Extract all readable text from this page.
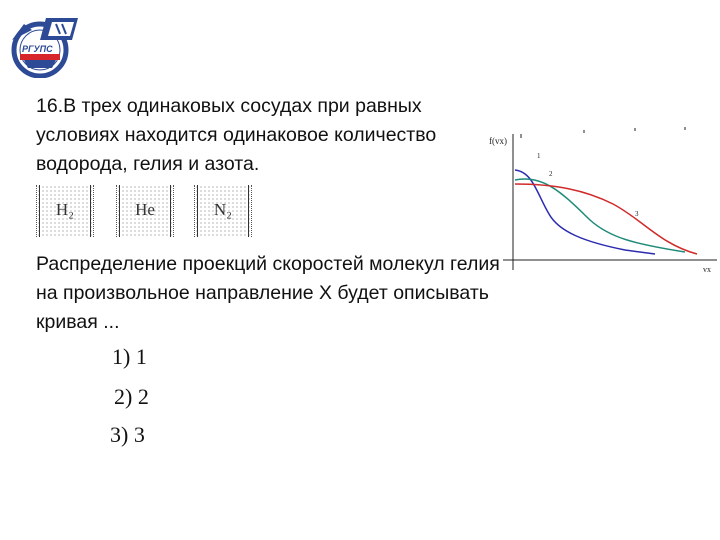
РГУПС
16.В трех одинаковых сосудах при равных условиях находится одинаковое количество водорода, гелия и азота.
H₂	He	N₂
Распределение проекций скоростей молекул гелия на произвольное направление X будет описывать кривая ...
1) 1
2) 2
3) 3
f(vx)
vx
1
2
3
